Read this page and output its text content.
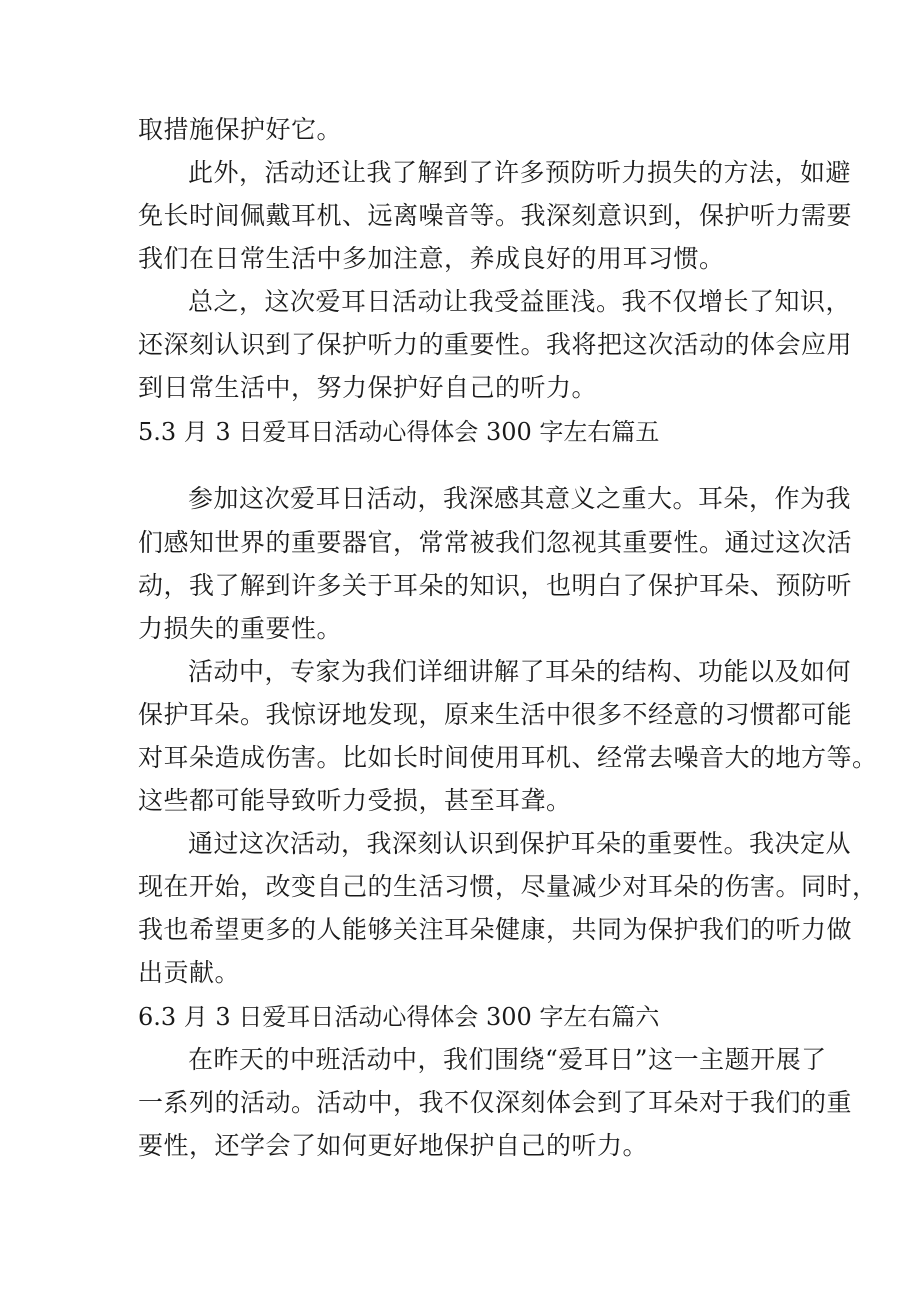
取措施保护好它。
此外，活动还让我了解到了许多预防听力损失的方法，如避
免长时间佩戴耳机、远离噪音等。我深刻意识到，保护听力需要
我们在日常生活中多加注意，养成良好的用耳习惯。
总之，这次爱耳日活动让我受益匪浅。我不仅增长了知识，
还深刻认识到了保护听力的重要性。我将把这次活动的体会应用
到日常生活中，努力保护好自己的听力。
5.3 月 3 日爱耳日活动心得体会 300 字左右篇五
参加这次爱耳日活动，我深感其意义之重大。耳朵，作为我
们感知世界的重要器官，常常被我们忽视其重要性。通过这次活
动，我了解到许多关于耳朵的知识，也明白了保护耳朵、预防听
力损失的重要性。
活动中，专家为我们详细讲解了耳朵的结构、功能以及如何
保护耳朵。我惊讶地发现，原来生活中很多不经意的习惯都可能
对耳朵造成伤害。比如长时间使用耳机、经常去噪音大的地方等。
这些都可能导致听力受损，甚至耳聋。
通过这次活动，我深刻认识到保护耳朵的重要性。我决定从
现在开始，改变自己的生活习惯，尽量减少对耳朵的伤害。同时，
我也希望更多的人能够关注耳朵健康，共同为保护我们的听力做
出贡献。
6.3 月 3 日爱耳日活动心得体会 300 字左右篇六
在昨天的中班活动中，我们围绕“爱耳日”这一主题开展了
一系列的活动。活动中，我不仅深刻体会到了耳朵对于我们的重
要性，还学会了如何更好地保护自己的听力。
